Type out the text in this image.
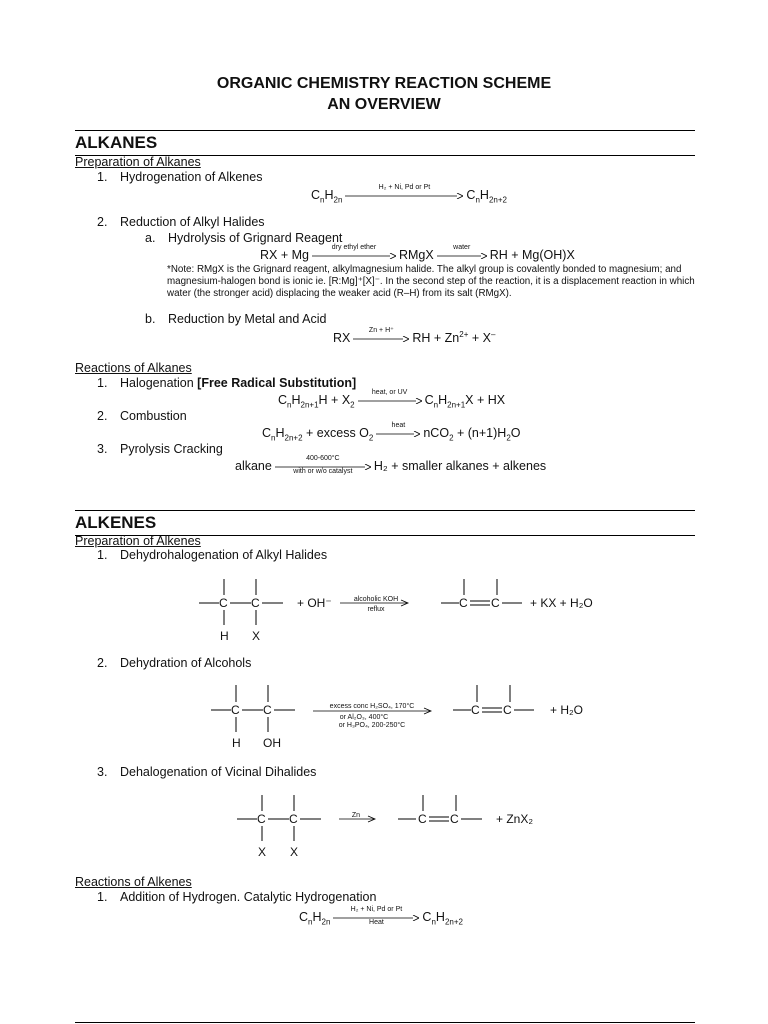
ORGANIC CHEMISTRY REACTION SCHEME
AN OVERVIEW
ALKANES
Preparation of Alkanes
1. Hydrogenation of Alkenes
$C_nH_{2n}$
H₂ + Ni, Pd or Pt
$C_nH_{2n+2}$
2. Reduction of Alkyl Halides
a. Hydrolysis of Grignard Reagent
RX + Mg
dry ethyl ether
RMgX
water
RH + Mg(OH)X
*Note: RMgX is the Grignard reagent, alkylmagnesium halide. The alkyl group is covalently bonded to magnesium; and magnesium-halogen bond is ionic ie. [R:Mg]⁺[X]⁻. In the second step of the reaction, it is a displacement reaction in which water (the stronger acid) displacing the weaker acid (R–H) from its salt (RMgX).
b. Reduction by Metal and Acid
RX
Zn + H⁺
RH + $Zn^{2+} + X^-$
Reactions of Alkanes
1. Halogenation [Free Radical Substitution]
$C_nH_{2n+1}H + X_2$
heat, or UV
$C_nH_{2n+1}X$ + HX
2. Combustion
$C_nH_{2n+2}$ + excess $O_2$
heat
$nCO_2 + (n+1)H_2O$
3. Pyrolysis Cracking
alkane
400-600°C
with or w/o catalyst	H₂ + smaller alkanes + alkenes
ALKENES
Preparation of Alkenes
1. Dehydrohalogenation of Alkyl Halides
C C
H X
+ OH⁻	alcoholic KOH
reflux	C C	+ KX + H₂O
2. Dehydration of Alcohols
C C
H OH
excess conc H₂SO₄, 170°C
or Al₂O₃, 400°C
or H₃PO₄, 200-250°C
C C	+ H₂O
3. Dehalogenation of Vicinal Dihalides
C C
X X
Zn	C C	+ ZnX₂
Reactions of Alkenes
1. Addition of Hydrogen. Catalytic Hydrogenation
$C_nH_{2n}$
H₂ + Ni, Pd or Pt
Heat	$C_nH_{2n+2}$
